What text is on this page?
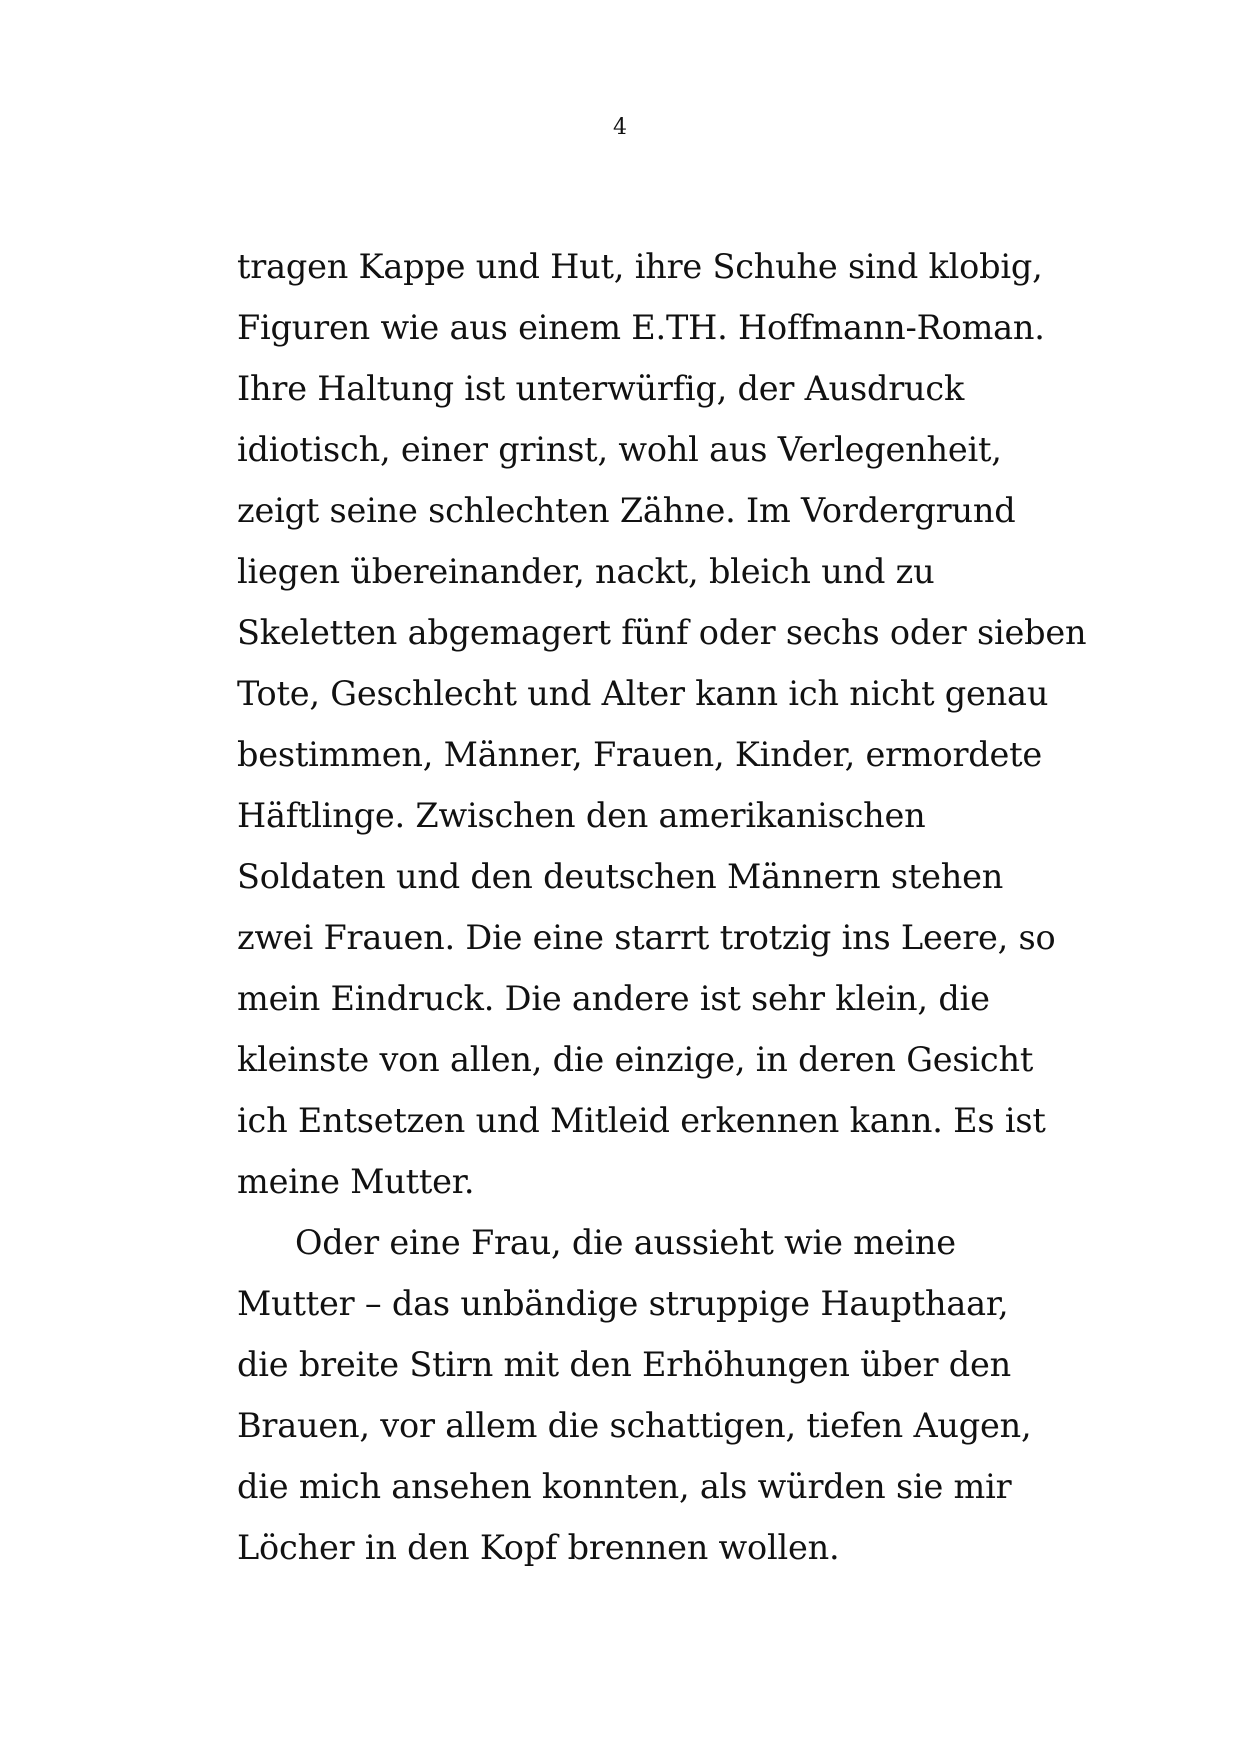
4
tragen Kappe und Hut, ihre Schuhe sind klobig,
Figuren wie aus einem E.TH. Hoffmann-Roman.
Ihre Haltung ist unterwürfig, der Ausdruck
idiotisch, einer grinst, wohl aus Verlegenheit,
zeigt seine schlechten Zähne. Im Vordergrund
liegen übereinander, nackt, bleich und zu
Skeletten abgemagert fünf oder sechs oder sieben
Tote, Geschlecht und Alter kann ich nicht genau
bestimmen, Männer, Frauen, Kinder, ermordete
Häftlinge. Zwischen den amerikanischen
Soldaten und den deutschen Männern stehen
zwei Frauen. Die eine starrt trotzig ins Leere, so
mein Eindruck. Die andere ist sehr klein, die
kleinste von allen, die einzige, in deren Gesicht
ich Entsetzen und Mitleid erkennen kann. Es ist
meine Mutter.
Oder eine Frau, die aussieht wie meine
Mutter – das unbändige struppige Haupthaar,
die breite Stirn mit den Erhöhungen über den
Brauen, vor allem die schattigen, tiefen Augen,
die mich ansehen konnten, als würden sie mir
Löcher in den Kopf brennen wollen.
